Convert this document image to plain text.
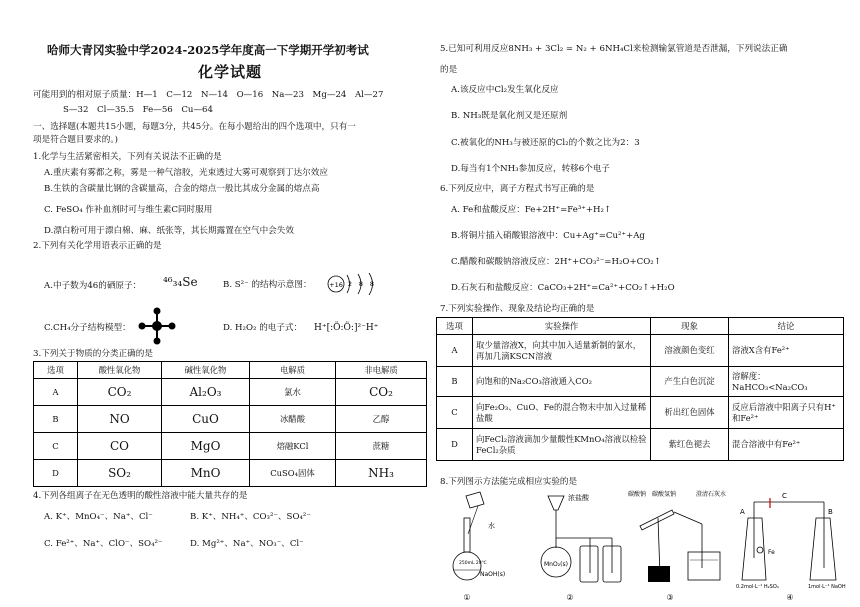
哈师大青冈实验中学2024-2025学年度高一下学期开学初考试
化学试题
可能用到的相对原子质量：H—1　C—12　N—14　O—16　Na—23　Mg—24　Al—27
S—32　Cl—35.5　Fe—56　Cu—64
一、选择题(本题共15小题，每题3分，共45分。在每小题给出的四个选项中，只有一
项是符合题目要求的。)
1.化学与生活紧密相关，下列有关说法不正确的是
A.重庆素有雾都之称，雾是一种气溶胶，光束透过大雾可观察到丁达尔效应
B.生铁的含碳量比钢的含碳量高，合金的熔点一般比其成分金属的熔点高
C. FeSO₄ 作补血剂时可与维生素C同时服用
D.漂白粉可用于漂白棉、麻、纸张等，其长期露置在空气中会失效
2.下列有关化学用语表示正确的是
A.中子数为46的硒原子： ⁴⁶₃₄Se	B. S²⁻ 的结构示意图：	+16 2 8 8
C.CH₄分子结构模型：	D. H₂O₂ 的电子式： H⁺[:Ö:Ö:]²⁻H⁺
3.下列关于物质的分类正确的是
选项	酸性氧化物	碱性氧化物	电解质	非电解质
A	CO₂	Al₂O₃	氯水	CO₂
B	NO	CuO	冰醋酸	乙醇
C	CO	MgO	熔融KCl	蔗糖
D	SO₂	MnO	CuSO₄固体	NH₃
4.下列各组离子在无色透明的酸性溶液中能大量共存的是
A. K⁺、MnO₄⁻、Na⁺、Cl⁻	B. K⁺、NH₄⁺、CO₃²⁻、SO₄²⁻
C. Fe²⁺、Na⁺、ClO⁻、SO₄²⁻	D. Mg²⁺、Na⁺、NO₃⁻、Cl⁻
5.已知可利用反应8NH₃ + 3Cl₂ = N₂ + 6NH₄Cl来检测输氯管道是否泄漏，下列说法正确
的是
A.该反应中Cl₂发生氧化反应
B. NH₃既是氧化剂又是还原剂
C.被氧化的NH₃与被还原的Cl₂的个数之比为2：3
D.每当有1个NH₃参加反应，转移6个电子
6.下列反应中，离子方程式书写正确的是
A. Fe和盐酸反应：Fe+2H⁺=Fe³⁺+H₂↑
B.将铜片插入硝酸银溶液中：Cu+Ag⁺=Cu²⁺+Ag
C.醋酸和碳酸钠溶液反应：2H⁺+CO₃²⁻=H₂O+CO₂↑
D.石灰石和盐酸反应：CaCO₃+2H⁺=Ca²⁺+CO₂↑+H₂O
7.下列实验操作、现象及结论均正确的是
选项	实验操作	现象	结论
A	取少量溶液X，向其中加入适量新制的氯水，再加几滴KSCN溶液	溶液颜色变红	溶液X含有Fe²⁺
B	向饱和的Na₂CO₃溶液通入CO₂	产生白色沉淀	溶解度：NaHCO₃<Na₂CO₃
C	向Fe₂O₃、CuO、Fe的混合物末中加入过量稀盐酸	析出红色固体	反应后溶液中阳离子只有H⁺和Fe²⁺
D	向FeCl₂溶液滴加少量酸性KMnO₄溶液以检验FeCl₂杂质	紫红色褪去	混合溶液中有Fe²⁺
8.下列图示方法能完成相应实验的是
水
250mL 20℃
NaOH(s)
①
浓盐酸
MnO₂(s)
②
碳酸钠 碳酸氢钠	澄清石灰水
③
A
C
B
Fe
0.2mol·L⁻¹ H₂SO₄	1mol·L⁻¹ NaOH
④
